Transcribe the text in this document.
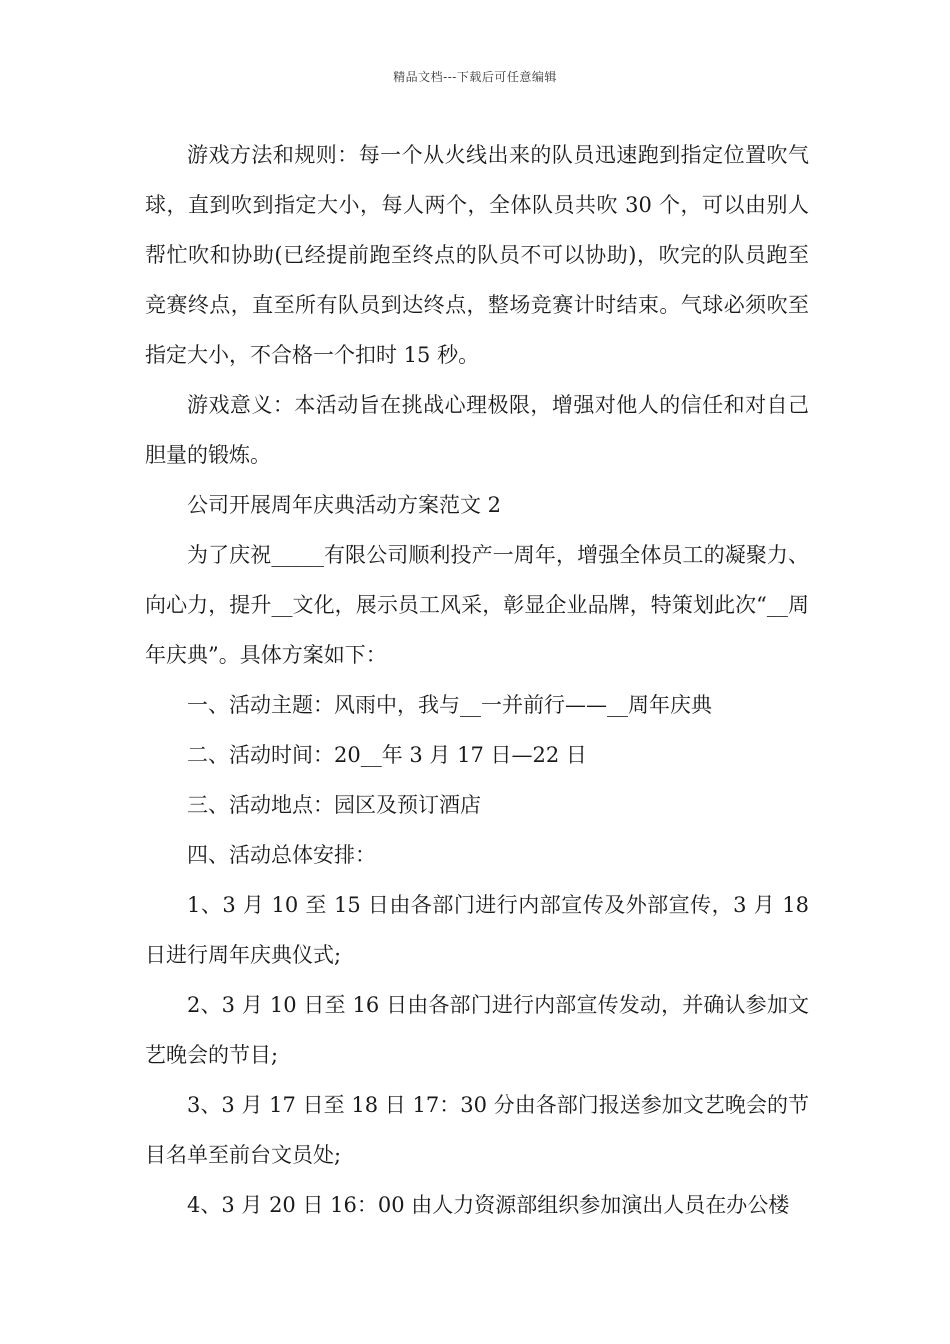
精品文档---下载后可任意编辑

游戏方法和规则：每一个从火线出来的队员迅速跑到指定位置吹气球，直到吹到指定大小，每人两个，全体队员共吹 30 个，可以由别人帮忙吹和协助(已经提前跑至终点的队员不可以协助)，吹完的队员跑至竞赛终点，直至所有队员到达终点，整场竞赛计时结束。气球必须吹至指定大小，不合格一个扣时 15 秒。

游戏意义：本活动旨在挑战心理极限，增强对他人的信任和对自己胆量的锻炼。

公司开展周年庆典活动方案范文 2

为了庆祝_____有限公司顺利投产一周年，增强全体员工的凝聚力、向心力，提升__文化，展示员工风采，彰显企业品牌，特策划此次“__周年庆典”。具体方案如下：

一、活动主题：风雨中，我与__一并前行——__周年庆典

二、活动时间：20__年 3 月 17 日—22 日

三、活动地点：园区及预订酒店

四、活动总体安排：

1、3 月 10 至 15 日由各部门进行内部宣传及外部宣传，3 月 18 日进行周年庆典仪式;

2、3 月 10 日至 16 日由各部门进行内部宣传发动，并确认参加文艺晚会的节目;

3、3 月 17 日至 18 日 17：30 分由各部门报送参加文艺晚会的节目名单至前台文员处;

4、3 月 20 日 16：00 由人力资源部组织参加演出人员在办公楼
